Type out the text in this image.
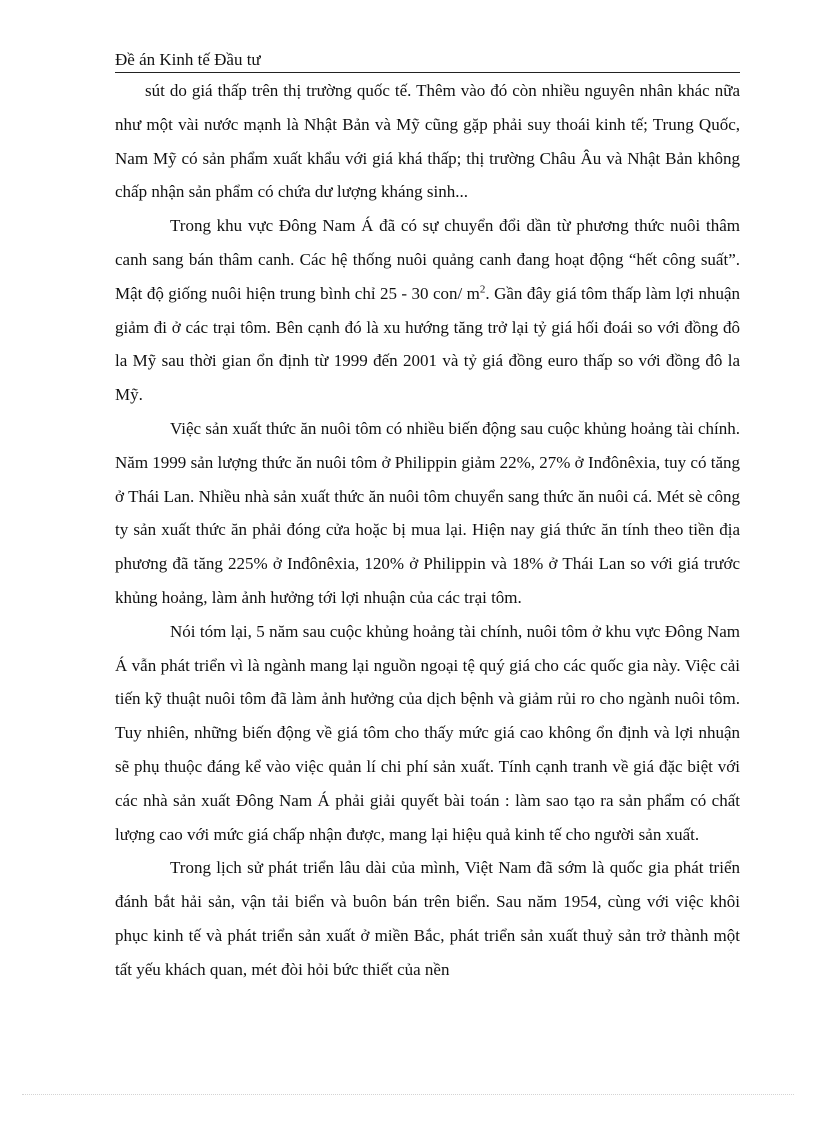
Đề án Kinh tế Đầu tư

sút do giá thấp trên thị trường quốc tế. Thêm vào đó còn nhiều nguyên nhân khác nữa như một vài nước mạnh là Nhật Bản và Mỹ cũng gặp phải suy thoái kinh tế; Trung Quốc, Nam Mỹ có sản phẩm xuất khẩu với giá khá thấp; thị trường Châu Âu và Nhật Bản không chấp nhận sản phẩm có chứa dư lượng kháng sinh...

Trong khu vực Đông Nam Á đã có sự chuyển đổi dần từ phương thức nuôi thâm canh sang bán thâm canh. Các hệ thống nuôi quảng canh đang hoạt động “hết công suất”. Mật độ giống nuôi hiện trung bình chỉ 25 - 30 con/ $m^2$. Gần đây giá tôm thấp làm lợi nhuận giảm đi ở các trại tôm. Bên cạnh đó là xu hướng tăng trở lại tỷ giá hối đoái so với đồng đô la Mỹ sau thời gian ổn định từ 1999 đến 2001 và tỷ giá đồng euro thấp so với đồng đô la Mỹ.

Việc sản xuất thức ăn nuôi tôm có nhiều biến động sau cuộc khủng hoảng tài chính. Năm 1999 sản lượng thức ăn nuôi tôm ở Philippin giảm 22%, 27% ở Inđônêxia, tuy có tăng ở Thái Lan. Nhiều nhà sản xuất thức ăn nuôi tôm chuyển sang thức ăn nuôi cá. Mét sè công ty sản xuất thức ăn phải đóng cửa hoặc bị mua lại. Hiện nay giá thức ăn tính theo tiền địa phương đã tăng 225% ở Inđônêxia, 120% ở Philippin và 18% ở Thái Lan so với giá trước khủng hoảng, làm ảnh hưởng tới lợi nhuận của các trại tôm.

Nói tóm lại, 5 năm sau cuộc khủng hoảng tài chính, nuôi tôm ở khu vực Đông Nam Á vẫn phát triển vì là ngành mang lại nguồn ngoại tệ quý giá cho các quốc gia này. Việc cải tiến kỹ thuật nuôi tôm đã làm ảnh hưởng của dịch bệnh và giảm rủi ro cho ngành nuôi tôm. Tuy nhiên, những biến động về giá tôm cho thấy mức giá cao không ổn định và lợi nhuận sẽ phụ thuộc đáng kể vào việc quản lí chi phí sản xuất. Tính cạnh tranh về giá đặc biệt với các nhà sản xuất Đông Nam Á phải giải quyết bài toán : làm sao tạo ra sản phẩm có chất lượng cao với mức giá chấp nhận được, mang lại hiệu quả kinh tế cho người sản xuất.

Trong lịch sử phát triển lâu dài của mình, Việt Nam đã sớm là quốc gia phát triển đánh bắt hải sản, vận tải biển và buôn bán trên biển. Sau năm 1954, cùng với việc khôi phục kinh tế và phát triển sản xuất ở miền Bắc, phát triển sản xuất thuỷ sản trở thành một tất yếu khách quan, mét đòi hỏi bức thiết của nền
